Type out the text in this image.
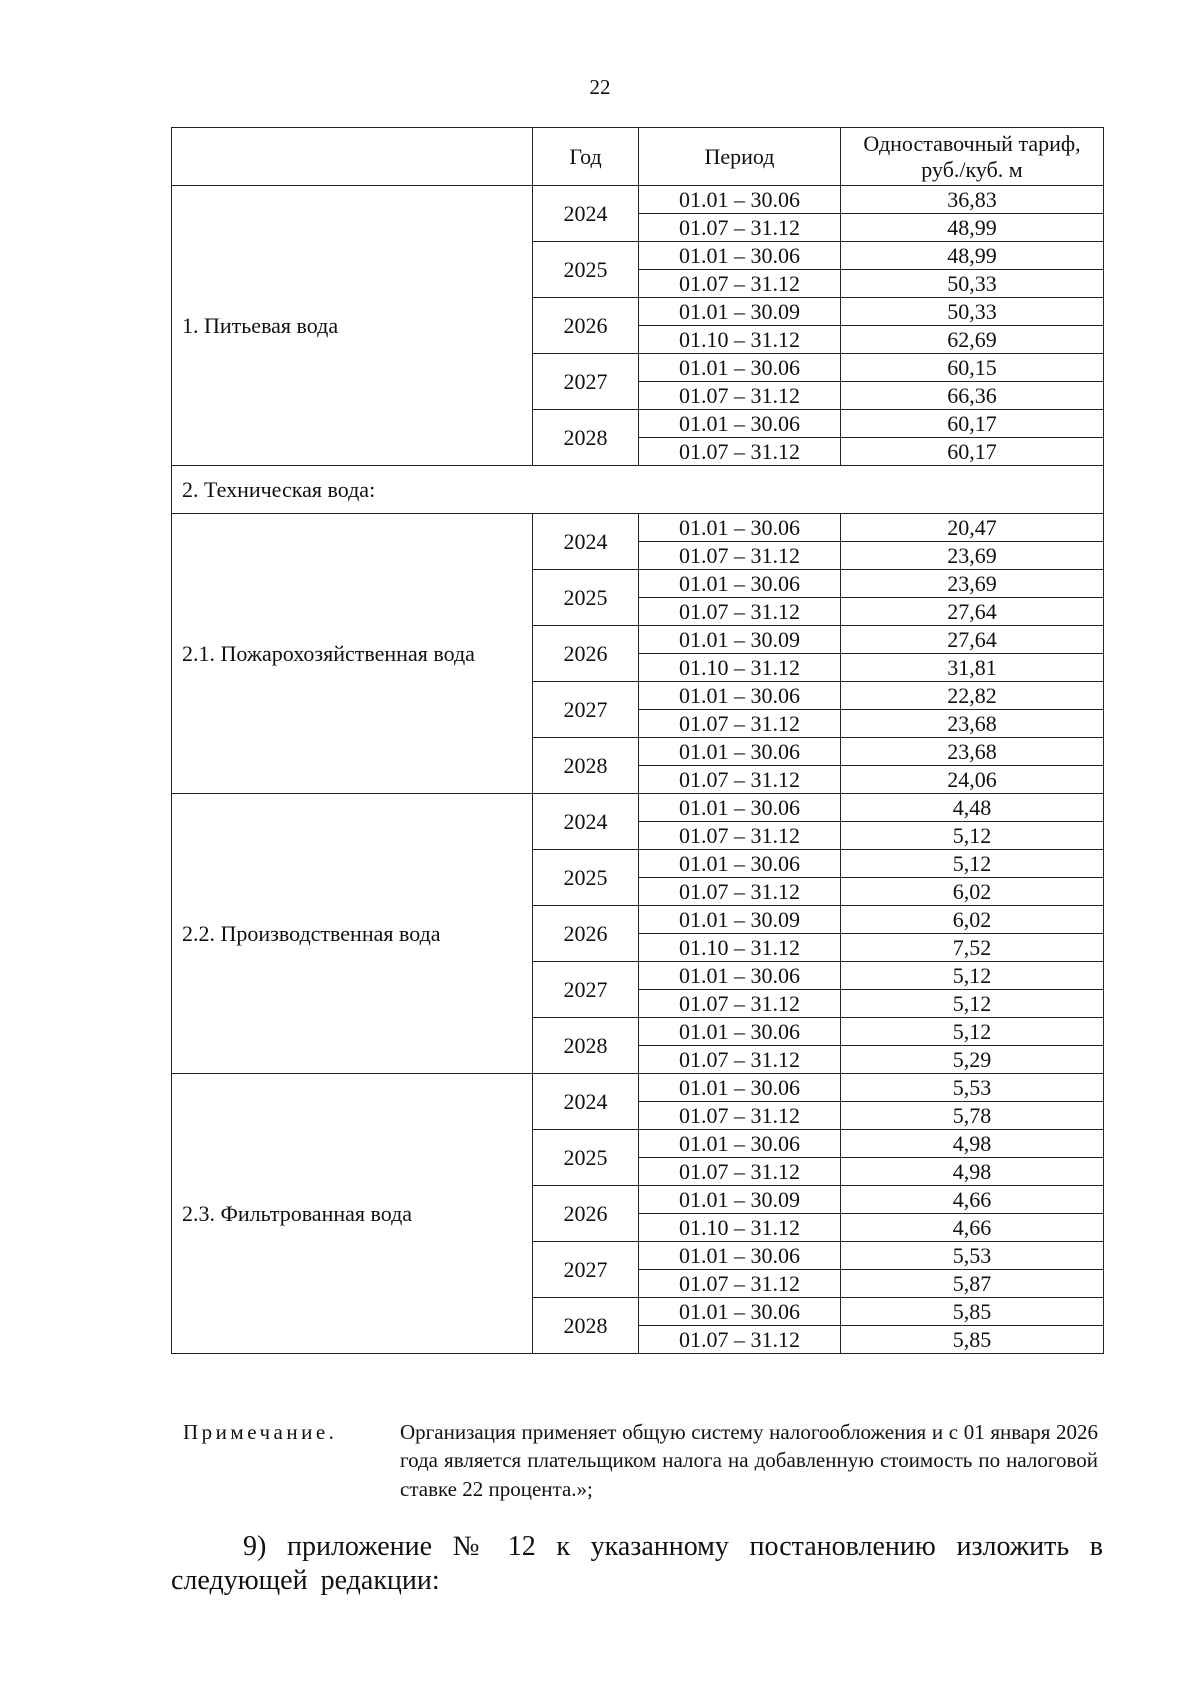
22
	Год	Период	Одноставочный тариф,
руб./куб. м
1. Питьевая вода	2024	01.01 – 30.06	36,83
		01.07 – 31.12	48,99
	2025	01.01 – 30.06	48,99
		01.07 – 31.12	50,33
	2026	01.01 – 30.09	50,33
		01.10 – 31.12	62,69
	2027	01.01 – 30.06	60,15
		01.07 – 31.12	66,36
	2028	01.01 – 30.06	60,17
		01.07 – 31.12	60,17
2. Техническая вода:			
2.1. Пожарохозяйственная вода	2024	01.01 – 30.06	20,47
		01.07 – 31.12	23,69
	2025	01.01 – 30.06	23,69
		01.07 – 31.12	27,64
	2026	01.01 – 30.09	27,64
		01.10 – 31.12	31,81
	2027	01.01 – 30.06	22,82
		01.07 – 31.12	23,68
	2028	01.01 – 30.06	23,68
		01.07 – 31.12	24,06
2.2. Производственная вода	2024	01.01 – 30.06	4,48
		01.07 – 31.12	5,12
	2025	01.01 – 30.06	5,12
		01.07 – 31.12	6,02
	2026	01.01 – 30.09	6,02
		01.10 – 31.12	7,52
	2027	01.01 – 30.06	5,12
		01.07 – 31.12	5,12
	2028	01.01 – 30.06	5,12
		01.07 – 31.12	5,29
2.3. Фильтрованная вода	2024	01.01 – 30.06	5,53
		01.07 – 31.12	5,78
	2025	01.01 – 30.06	4,98
		01.07 – 31.12	4,98
	2026	01.01 – 30.09	4,66
		01.10 – 31.12	4,66
	2027	01.01 – 30.06	5,53
		01.07 – 31.12	5,87
	2028	01.01 – 30.06	5,85
		01.07 – 31.12	5,85
Примечание.	Организация применяет общую систему налогообложения и с 01 января 2026 года является плательщиком налога на добавленную стоимость по налоговой ставке 22 процента.»;
9) приложение № 12 к указанному постановлению изложить в следующей редакции:
